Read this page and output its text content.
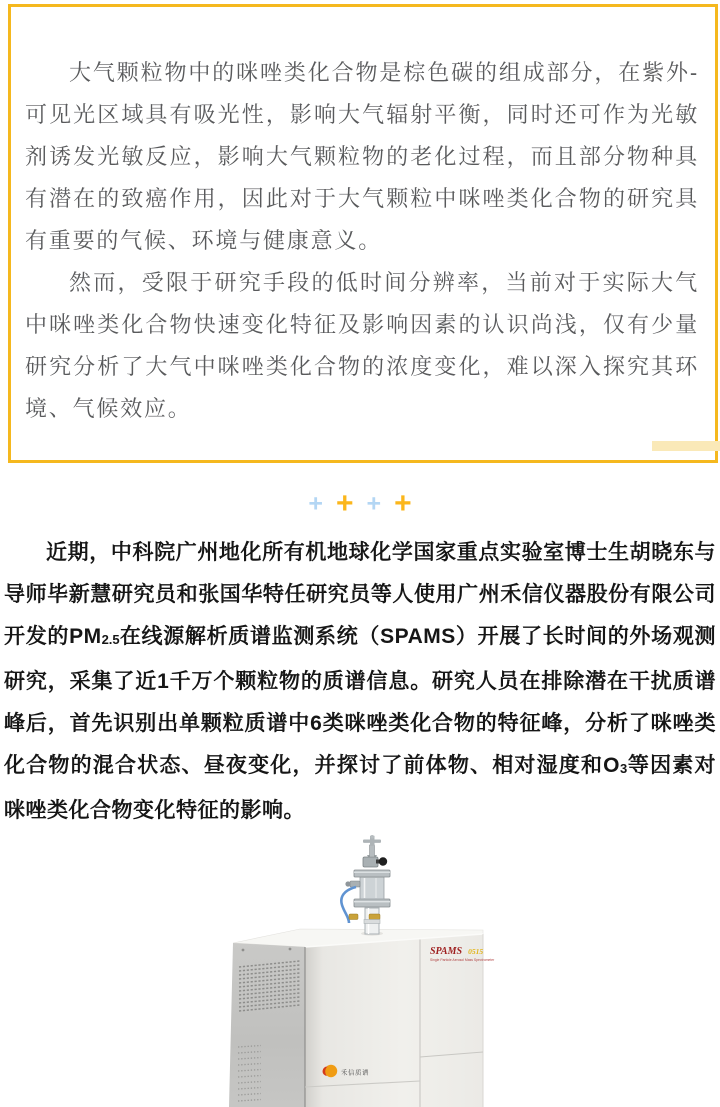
大气颗粒物中的咪唑类化合物是棕色碳的组成部分，在紫外-可见光区域具有吸光性，影响大气辐射平衡，同时还可作为光敏剂诱发光敏反应，影响大气颗粒物的老化过程，而且部分物种具有潜在的致癌作用，因此对于大气颗粒中咪唑类化合物的研究具有重要的气候、环境与健康意义。

然而，受限于研究手段的低时间分辨率，当前对于实际大气中咪唑类化合物快速变化特征及影响因素的认识尚浅，仅有少量研究分析了大气中咪唑类化合物的浓度变化，难以深入探究其环境、气候效应。

+ + + +

近期，中科院广州地化所有机地球化学国家重点实验室博士生胡晓东与导师毕新慧研究员和张国华特任研究员等人使用广州禾信仪器股份有限公司开发的PM2.5在线源解析质谱监测系统（SPAMS）开展了长时间的外场观测研究，采集了近1千万个颗粒物的质谱信息。研究人员在排除潜在干扰质谱峰后，首先识别出单颗粒质谱中6类咪唑类化合物的特征峰，分析了咪唑类化合物的混合状态、昼夜变化，并探讨了前体物、相对湿度和O3等因素对咪唑类化合物变化特征的影响。

SPAMS 0515
Single Particle Aerosol Mass Spectrometer
禾信质谱
